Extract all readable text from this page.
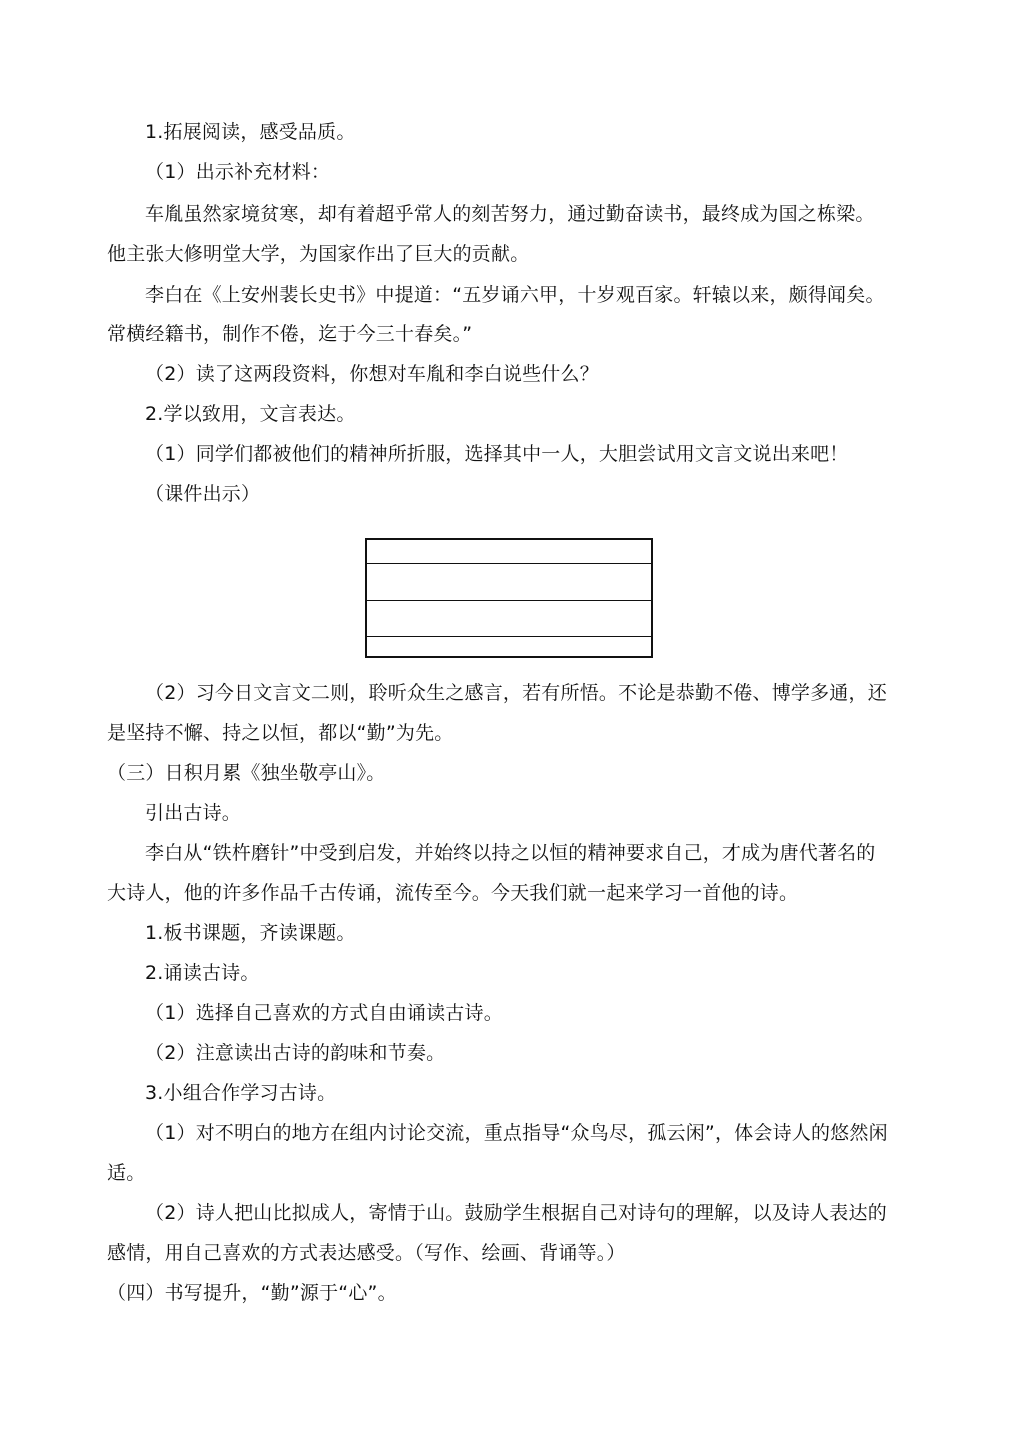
1.拓展阅读，感受品质。
（1）出示补充材料：
车胤虽然家境贫寒，却有着超乎常人的刻苦努力，通过勤奋读书，最终成为国之栋梁。
他主张大修明堂大学，为国家作出了巨大的贡献。
李白在《上安州裴长史书》中提道：“五岁诵六甲，十岁观百家。轩辕以来，颇得闻矣。
常横经籍书，制作不倦，迄于今三十春矣。”
（2）读了这两段资料，你想对车胤和李白说些什么？
2.学以致用，文言表达。
（1）同学们都被他们的精神所折服，选择其中一人，大胆尝试用文言文说出来吧！
（课件出示）
（2）习今日文言文二则，聆听众生之感言，若有所悟。不论是恭勤不倦、博学多通，还
是坚持不懈、持之以恒，都以“勤”为先。
（三）日积月累《独坐敬亭山》。
引出古诗。
李白从“铁杵磨针”中受到启发，并始终以持之以恒的精神要求自己，才成为唐代著名的
大诗人，他的许多作品千古传诵，流传至今。今天我们就一起来学习一首他的诗。
1.板书课题，齐读课题。
2.诵读古诗。
（1）选择自己喜欢的方式自由诵读古诗。
（2）注意读出古诗的韵味和节奏。
3.小组合作学习古诗。
（1）对不明白的地方在组内讨论交流，重点指导“众鸟尽，孤云闲”，体会诗人的悠然闲
适。
（2）诗人把山比拟成人，寄情于山。鼓励学生根据自己对诗句的理解，以及诗人表达的
感情，用自己喜欢的方式表达感受。（写作、绘画、背诵等。）
（四）书写提升，“勤”源于“心”。
